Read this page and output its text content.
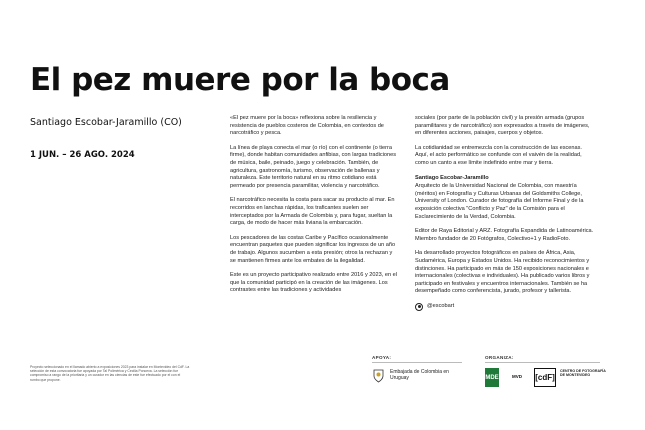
El pez muere por la boca
Santiago Escobar-Jaramillo (CO)
1 JUN. – 26 AGO. 2024

«El pez muere por la boca» reflexiona sobre la resiliencia y resistencia de pueblos costeros de Colombia, en contextos de narcotráfico y pesca.

La línea de playa conecta el mar (o río) con el continente (o tierra firme), donde habitan comunidades anfibias, con largas tradiciones de música, baile, peinado, juego y celebración. También, de agricultura, gastronomía, turismo, observación de ballenas y naturaleza. Este territorio natural en su ritmo cotidiano está permeado por presencia paramilitar, violencia y narcotráfico.

El narcotráfico necesita la costa para sacar su producto al mar. En recorridos en lanchas rápidas, los traficantes suelen ser interceptados por la Armada de Colombia y, para fugar, sueltan la carga, de modo de hacer más liviana la embarcación.

Los pescadores de las costas Caribe y Pacífico ocasionalmente encuentran paquetes que pueden significar los ingresos de un año de trabajo. Algunos sucumben a esta presión; otros la rechazan y se mantienen firmes ante los embates de la ilegalidad.

Este es un proyecto participativo realizado entre 2016 y 2023, en el que la comunidad participó en la creación de las imágenes. Los contrastes entre las tradiciones y actividades

sociales (por parte de la población civil) y la presión armada (grupos paramilitares y de narcotráfico) son expresados a través de imágenes, en diferentes acciones, paisajes, cuerpos y objetos.

La cotidianidad se entremezcla con la construcción de las escenas. Aquí, el acto performático se confunde con el vaivén de la realidad, como un canto a ese límite indefinido entre mar y tierra.

Santiago Escobar-Jaramillo

Arquitecto de la Universidad Nacional de Colombia, con maestría (méritos) en Fotografía y Culturas Urbanas del Goldsmiths College, University of London. Curador de fotografía del Informe Final y de la exposición colectiva "Conflicto y Paz" de la Comisión para el Esclarecimiento de la Verdad, Colombia.

Editor de Raya Editorial y ARZ. Fotografía Expandida de Latinoamérica. Miembro fundador de 20 Fotógrafos, Colectivo+1 y RadioFoto.

Ha desarrollado proyectos fotográficos en países de África, Asia, Sudamérica, Europa y Estados Unidos. Ha recibido reconocimientos y distinciones. Ha participado en más de 150 exposiciones nacionales e internacionales (colectivas e individuales). Ha publicado varios libros y participado en festivales y encuentros internacionales. También se ha desempeñado como conferencista, jurado, profesor y tallerista.

@escobart
Proyecto seleccionado en el llamado abierto a exposiciones 2023 para instalar en Montevideo del CdF. La selección de esta convocatoria fue apoyada por Tal Polimérica y Cecilia Ponceva. La selección fue compromiso a rango de la prioritaria y un curador en las ciencias de este fue efectuado por el con el rumbo que propone.
APOYA:
Embajada de Colombia en Uruguay
ORGANIZA:
MDE	MVD	[cdF]
CENTRO DE FOTOGRAFÍA DE MONTEVIDEO
